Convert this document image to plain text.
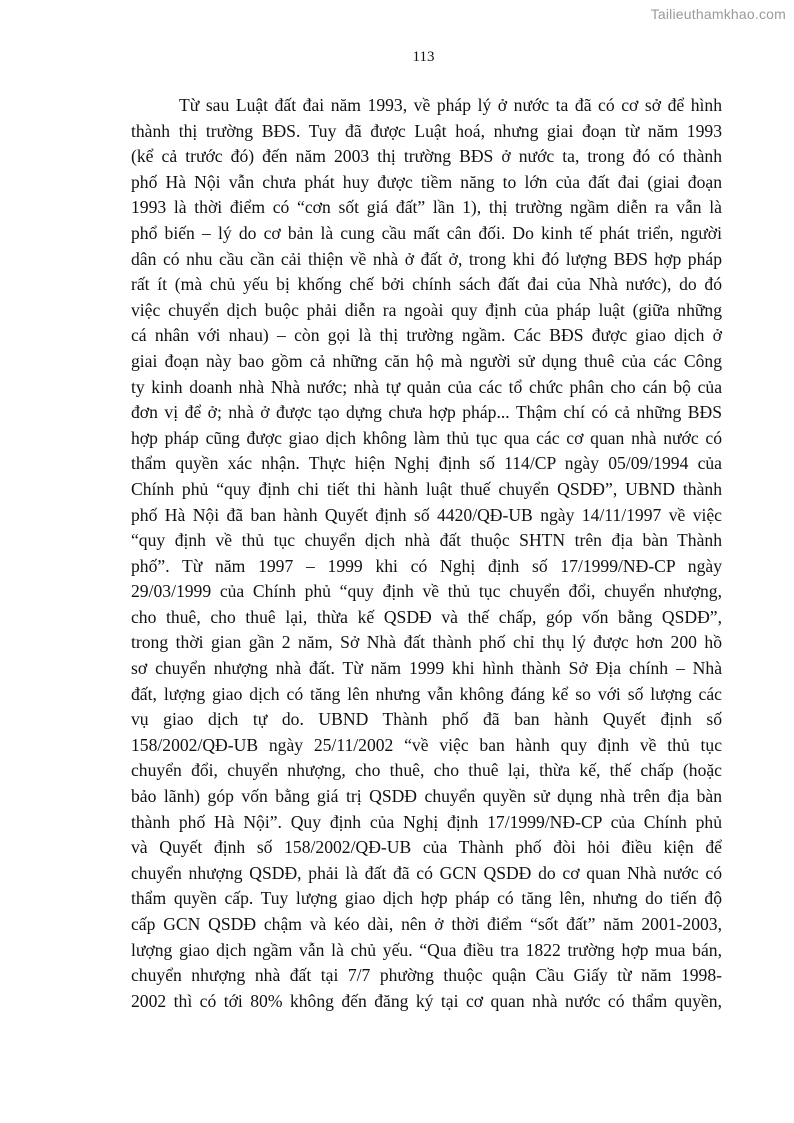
Tailieuthamkhao.com
113
Từ sau Luật đất đai năm 1993, về pháp lý ở nước ta đã có cơ sở để hình
thành thị trường BĐS. Tuy đã được Luật hoá, nhưng giai đoạn từ năm 1993
(kể cả trước đó) đến năm 2003 thị trường BĐS ở nước ta, trong đó có thành
phố Hà Nội vẫn chưa phát huy được tiềm năng to lớn của đất đai (giai đoạn
1993 là thời điểm có “cơn sốt giá đất” lần 1), thị trường ngầm diễn ra vẫn là
phổ biến – lý do cơ bản là cung cầu mất cân đối. Do kinh tế phát triển, người
dân có nhu cầu cần cải thiện về nhà ở đất ở, trong khi đó lượng BĐS hợp pháp
rất ít (mà chủ yếu bị khống chế bởi chính sách đất đai của Nhà nước), do đó
việc chuyển dịch buộc phải diễn ra ngoài quy định của pháp luật (giữa những
cá nhân với nhau) – còn gọi là thị trường ngầm. Các BĐS được giao dịch ở
giai đoạn này bao gồm cả những căn hộ mà người sử dụng thuê của các Công
ty kinh doanh nhà Nhà nước; nhà tự quản của các tổ chức phân cho cán bộ của
đơn vị để ở; nhà ở được tạo dựng chưa hợp pháp... Thậm chí có cả những BĐS
hợp pháp cũng được giao dịch không làm thủ tục qua các cơ quan nhà nước có
thẩm quyền xác nhận. Thực hiện Nghị định số 114/CP ngày 05/09/1994 của
Chính phủ “quy định chi tiết thi hành luật thuế chuyển QSDĐ”, UBND thành
phố Hà Nội đã ban hành Quyết định số 4420/QĐ-UB ngày 14/11/1997 về việc
“quy định về thủ tục chuyển dịch nhà đất thuộc SHTN trên địa bàn Thành
phố”. Từ năm 1997 – 1999 khi có Nghị định số 17/1999/NĐ-CP ngày
29/03/1999 của Chính phủ “quy định về thủ tục chuyển đổi, chuyển nhượng,
cho thuê, cho thuê lại, thừa kế QSDĐ và thế chấp, góp vốn bằng QSDĐ”,
trong thời gian gần 2 năm, Sở Nhà đất thành phố chỉ thụ lý được hơn 200 hồ
sơ chuyển nhượng nhà đất. Từ năm 1999 khi hình thành Sở Địa chính – Nhà
đất, lượng giao dịch có tăng lên nhưng vẫn không đáng kể so với số lượng các
vụ giao dịch tự do. UBND Thành phố đã ban hành Quyết định số
158/2002/QĐ-UB ngày 25/11/2002 “về việc ban hành quy định về thủ tục
chuyển đổi, chuyển nhượng, cho thuê, cho thuê lại, thừa kế, thế chấp (hoặc
bảo lãnh) góp vốn bằng giá trị QSDĐ chuyển quyền sử dụng nhà trên địa bàn
thành phố Hà Nội”. Quy định của Nghị định 17/1999/NĐ-CP của Chính phủ
và Quyết định số 158/2002/QĐ-UB của Thành phố đòi hỏi điều kiện để
chuyển nhượng QSDĐ, phải là đất đã có GCN QSDĐ do cơ quan Nhà nước có
thẩm quyền cấp. Tuy lượng giao dịch hợp pháp có tăng lên, nhưng do tiến độ
cấp GCN QSDĐ chậm và kéo dài, nên ở thời điểm “sốt đất” năm 2001-2003,
lượng giao dịch ngầm vẫn là chủ yếu. “Qua điều tra 1822 trường hợp mua bán,
chuyển nhượng nhà đất tại 7/7 phường thuộc quận Cầu Giấy từ năm 1998-
2002 thì có tới 80% không đến đăng ký tại cơ quan nhà nước có thẩm quyền,
